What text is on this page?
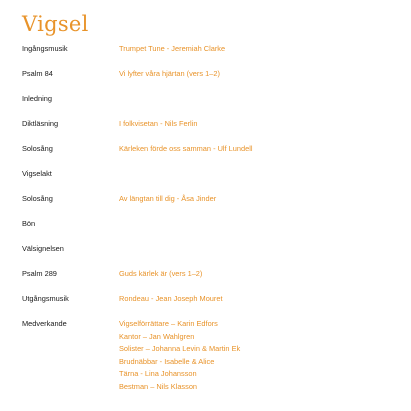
Vigsel
Ingångsmusik	Trumpet Tune - Jeremiah Clarke
Psalm 84	Vi lyfter våra hjärtan (vers 1–2)
Inledning
Diktläsning	I folkvisetan - Nils Ferlin
Solosång	Kärleken förde oss samman - Ulf Lundell
Vigselakt
Solosång	Av längtan till dig - Åsa Jinder
Bön
Välsignelsen
Psalm 289	Guds kärlek är (vers 1–2)
Utgångsmusik	Rondeau - Jean Joseph Mouret
Medverkande	Vigselförrättare – Karin Edfors
Kantor – Jan Wahlgren
Solister – Johanna Levin & Martin Ek
Brudnäbbar - Isabelle & Alice
Tärna - Lina Johansson
Bestman – Nils Klasson
